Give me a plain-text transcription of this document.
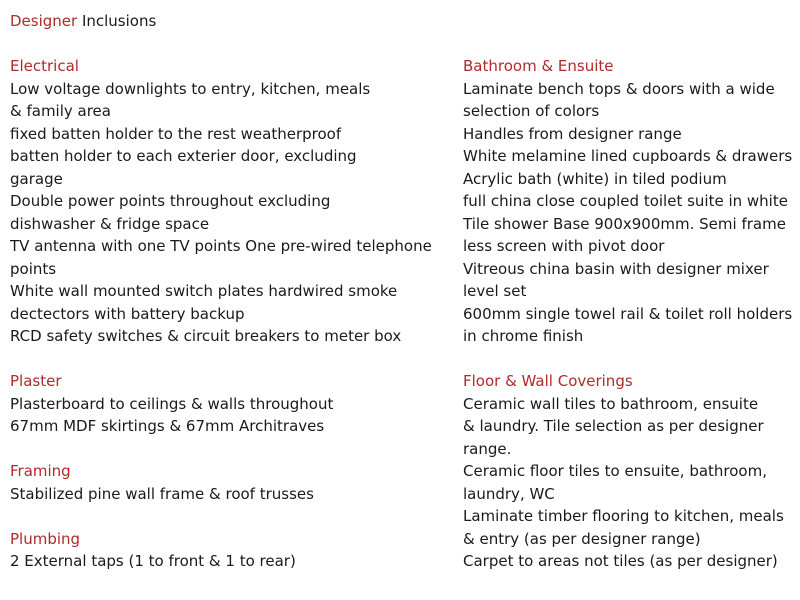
Designer Inclusions
Electrical
Low voltage downlights to entry, kitchen, meals
& family area
fixed batten holder to the rest weatherproof
batten holder to each exterier door, excluding
garage
Double power points throughout excluding
dishwasher & fridge space
TV antenna with one TV points One pre-wired telephone
points
White wall mounted switch plates hardwired smoke
dectectors with battery backup
RCD safety switches & circuit breakers to meter box
Plaster
Plasterboard to ceilings & walls throughout
67mm MDF skirtings & 67mm Architraves
Framing
Stabilized pine wall frame & roof trusses
Plumbing
2 External taps (1 to front & 1 to rear)
Bathroom & Ensuite
Laminate bench tops & doors with a wide
selection of colors
Handles from designer range
White melamine lined cupboards & drawers
Acrylic bath (white) in tiled podium
full china close coupled toilet suite in white
Tile shower Base 900x900mm. Semi frame
less screen with pivot door
Vitreous china basin with designer mixer
level set
600mm single towel rail & toilet roll holders
in chrome finish
Floor & Wall Coverings
Ceramic wall tiles to bathroom, ensuite
& laundry. Tile selection as per designer
range.
Ceramic floor tiles to ensuite, bathroom,
laundry, WC
Laminate timber flooring to kitchen, meals
& entry (as per designer range)
Carpet to areas not tiles (as per designer)
